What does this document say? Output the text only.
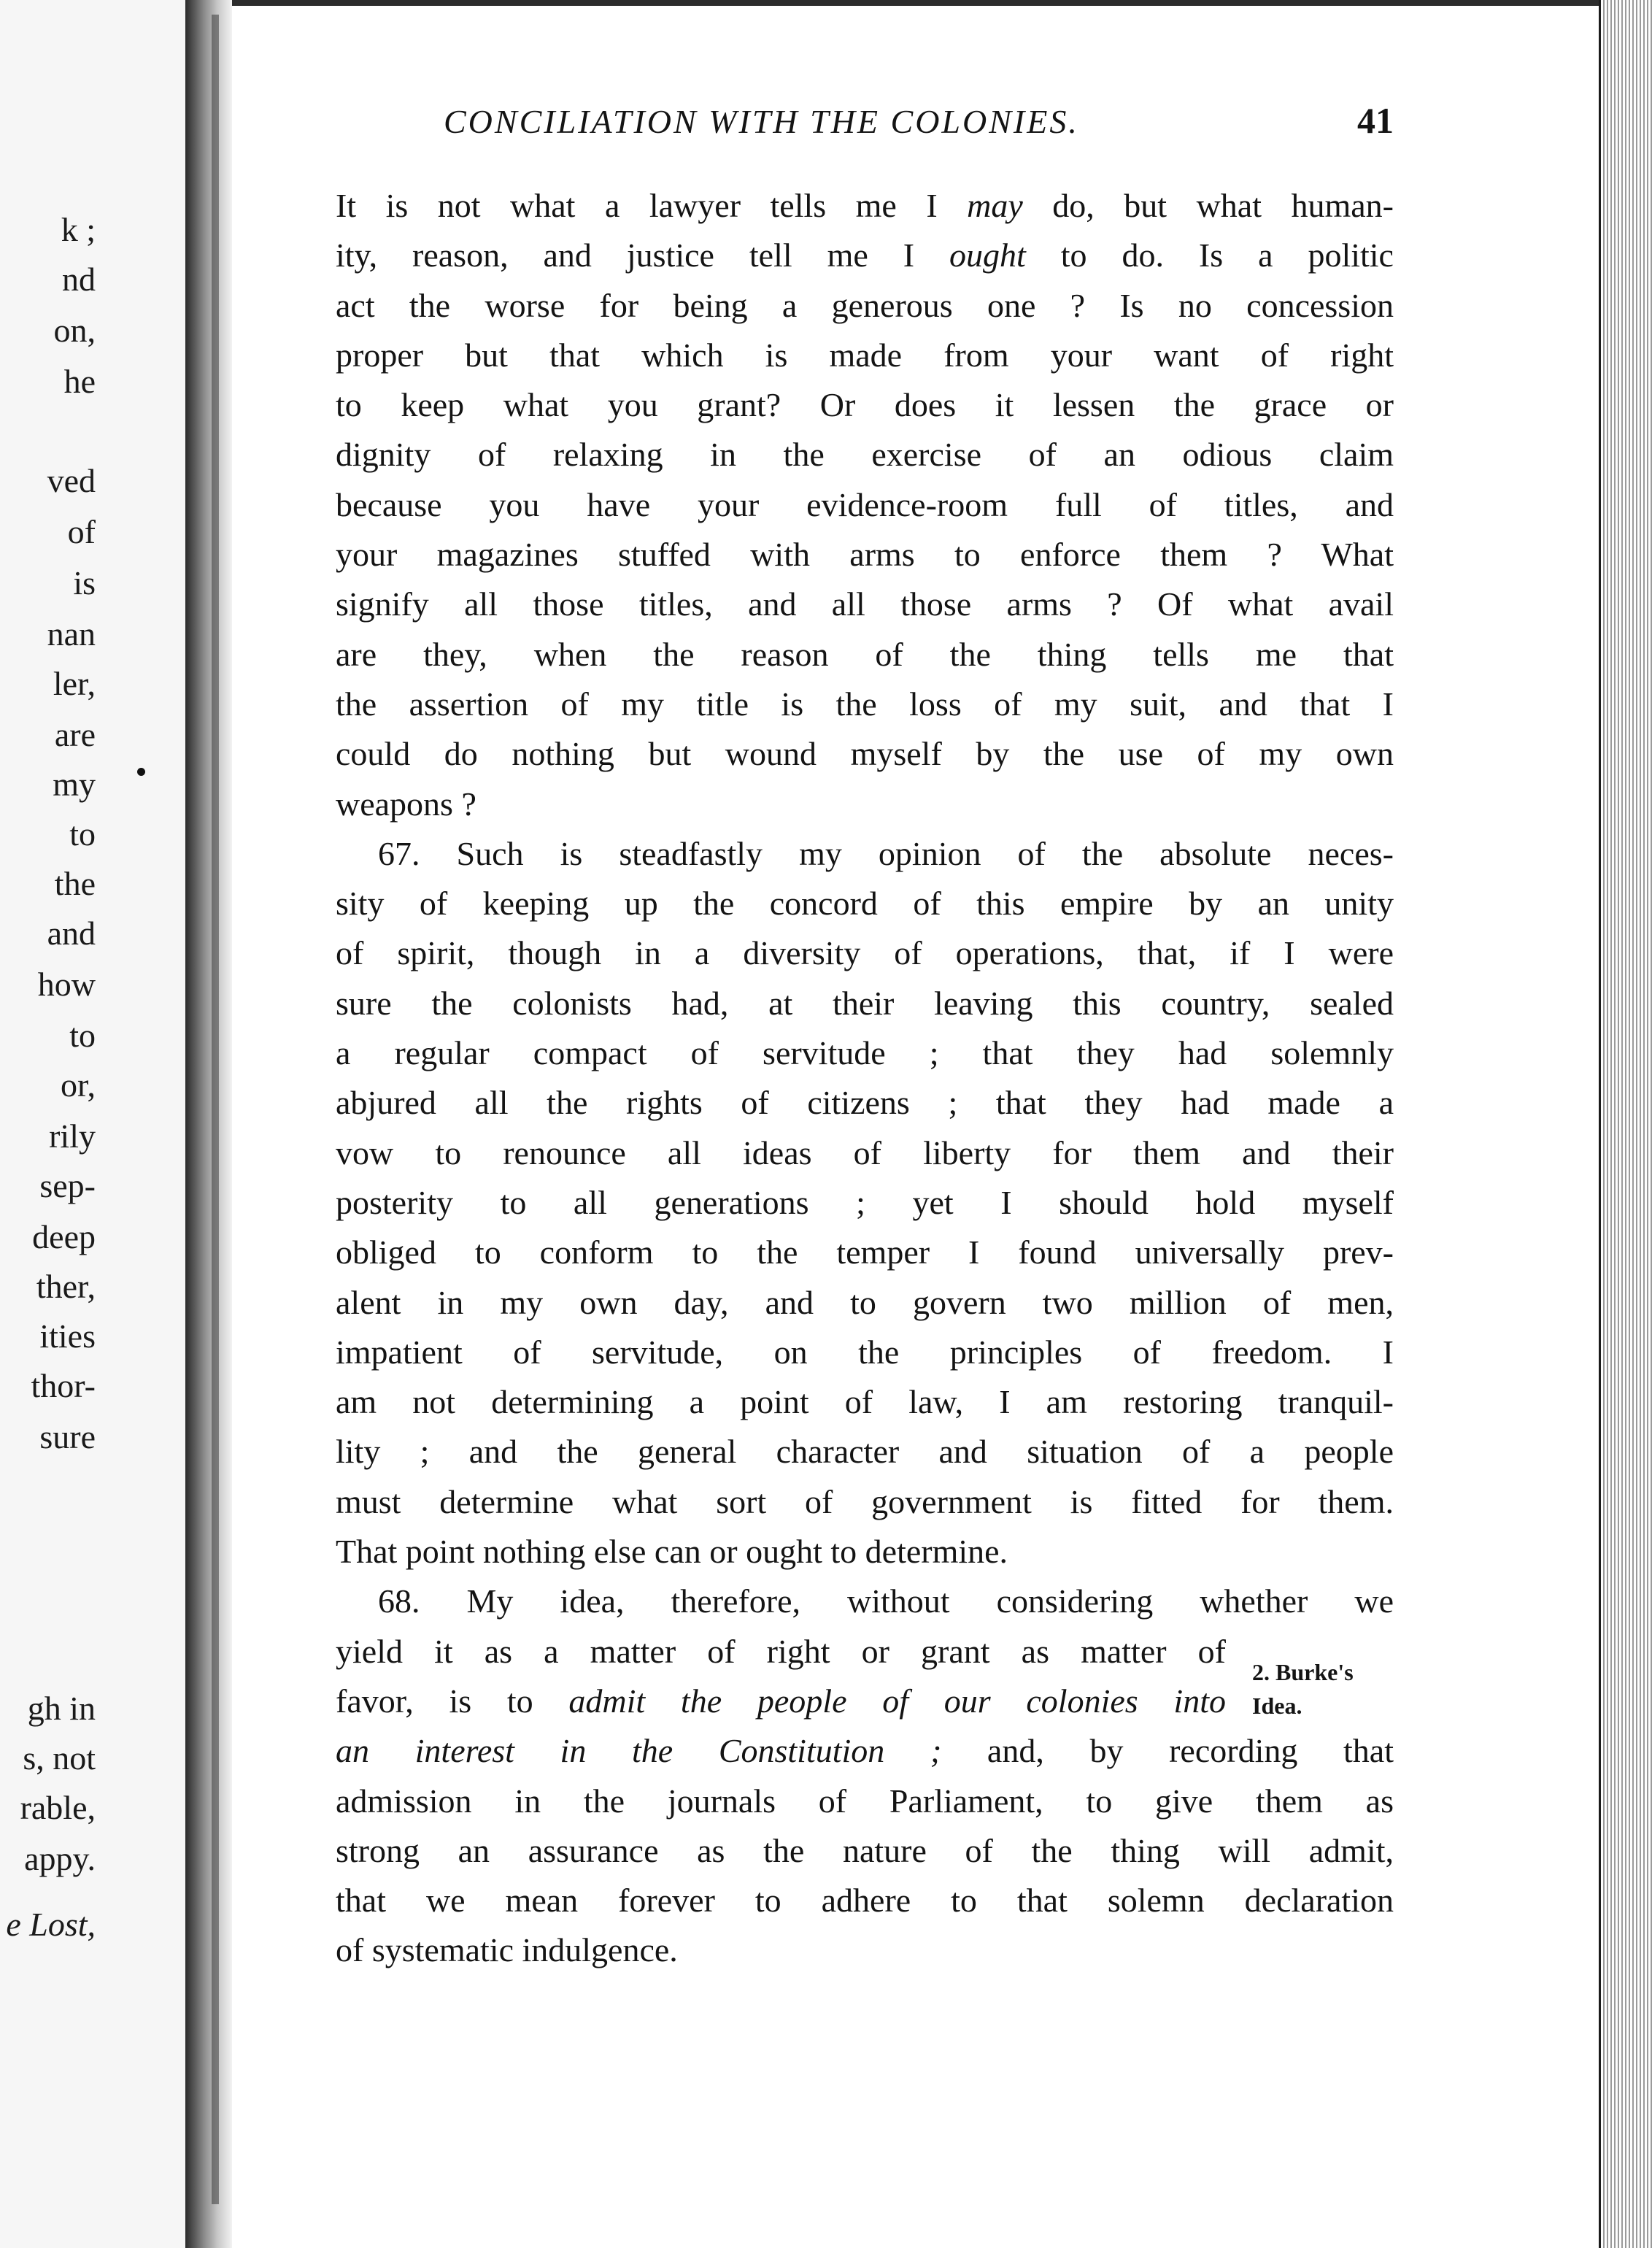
k ;
nd
on,
he
ved
of
is
nan
ler,
are
my
to
the
and
how
to
or,
rily
sep-
deep
ther,
ities
thor-
sure
gh in
s, not
rable,
appy.
e Lost,
CONCILIATION WITH THE COLONIES.	41
It is not what a lawyer tells me I may do, but what human-
ity, reason, and justice tell me I ought to do. Is a politic
act the worse for being a generous one ? Is no concession
proper but that which is made from your want of right
to keep what you grant? Or does it lessen the grace or
dignity of relaxing in the exercise of an odious claim
because you have your evidence-room full of titles, and
your magazines stuffed with arms to enforce them ? What
signify all those titles, and all those arms ? Of what avail
are they, when the reason of the thing tells me that
the assertion of my title is the loss of my suit, and that I
could do nothing but wound myself by the use of my own
weapons ?
67. Such is steadfastly my opinion of the absolute neces-
sity of keeping up the concord of this empire by an unity
of spirit, though in a diversity of operations, that, if I were
sure the colonists had, at their leaving this country, sealed
a regular compact of servitude ; that they had solemnly
abjured all the rights of citizens ; that they had made a
vow to renounce all ideas of liberty for them and their
posterity to all generations ; yet I should hold myself
obliged to conform to the temper I found universally prev-
alent in my own day, and to govern two million of men,
impatient of servitude, on the principles of freedom. I
am not determining a point of law, I am restoring tranquil-
lity ; and the general character and situation of a people
must determine what sort of government is fitted for them.
That point nothing else can or ought to determine.
68. My idea, therefore, without considering whether we
yield it as a matter of right or grant as matter of
favor, is to admit the people of our colonies into
an interest in the Constitution ; and, by recording that
admission in the journals of Parliament, to give them as
strong an assurance as the nature of the thing will admit,
that we mean forever to adhere to that solemn declaration
of systematic indulgence.
2. Burke's
Idea.
